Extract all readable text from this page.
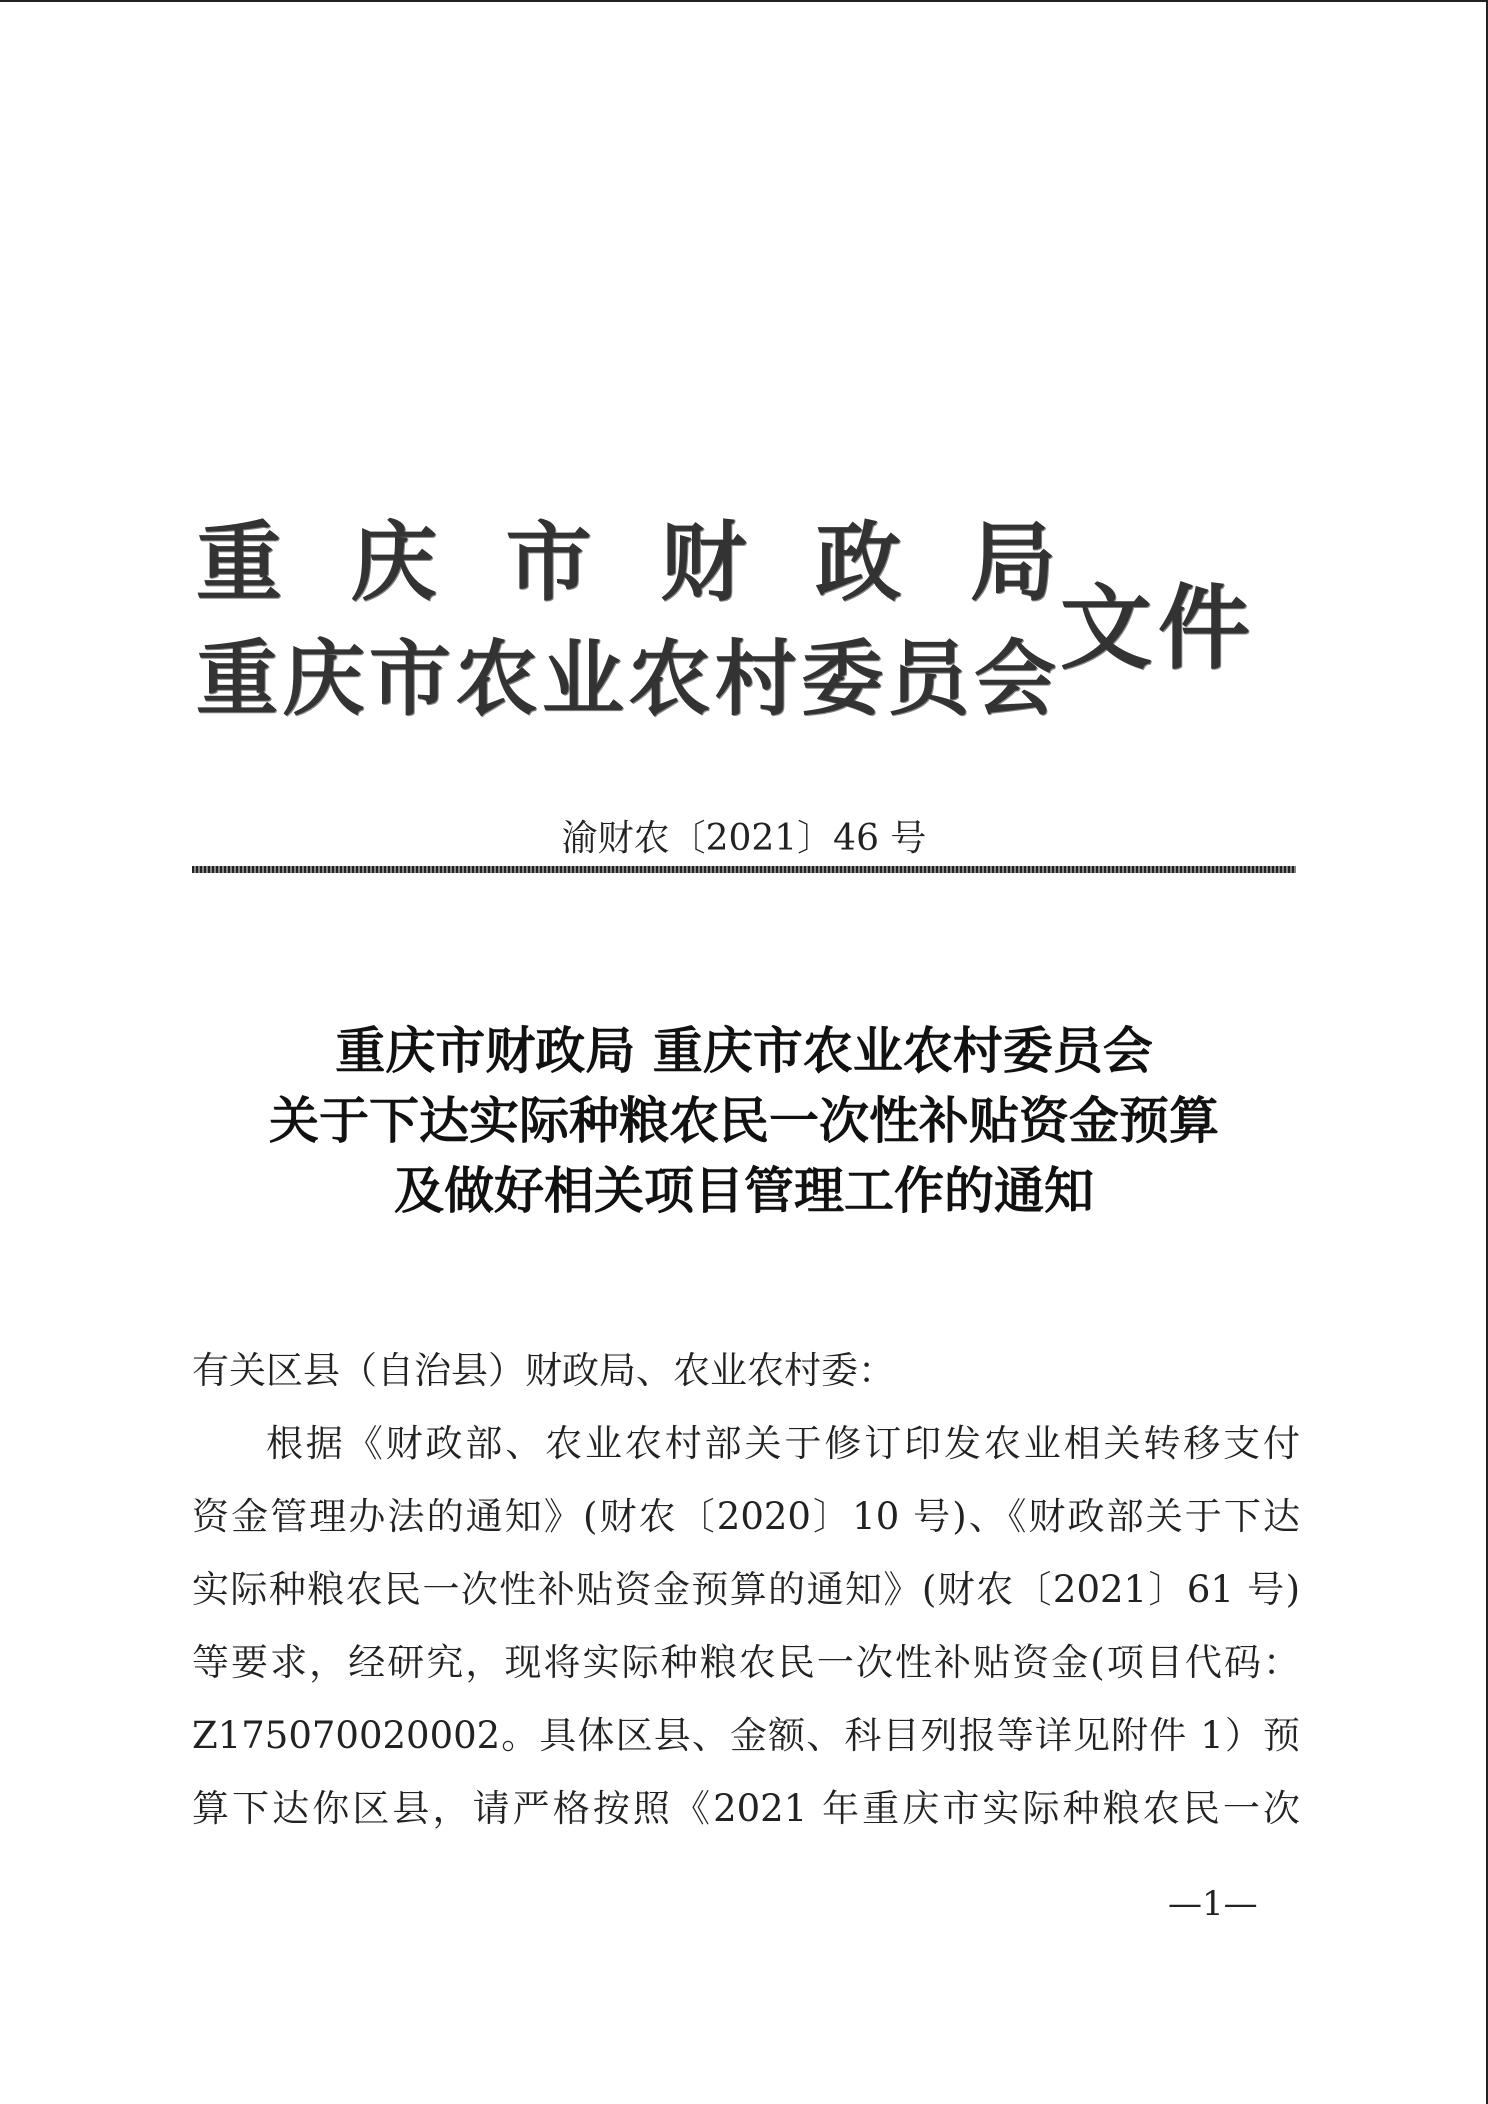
重 庆 市 财 政 局
重 庆 市 农 业 农 村 委 员 会 文件
渝财农〔2021〕46 号
重庆市财政局 重庆市农业农村委员会
关于下达实际种粮农民一次性补贴资金预算
及做好相关项目管理工作的通知
有关区县（自治县）财政局、农业农村委：
根据《财政部、农业农村部关于修订印发农业相关转移支付
资金管理办法的通知》(财农〔2020〕10 号)、《财政部关于下达
实际种粮农民一次性补贴资金预算的通知》(财农〔2021〕61 号)
等要求，经研究，现将实际种粮农民一次性补贴资金(项目代码：
Z175070020002。具体区县、金额、科目列报等详见附件 1）预
算下达你区县，请严格按照《2021 年重庆市实际种粮农民一次
—1—
